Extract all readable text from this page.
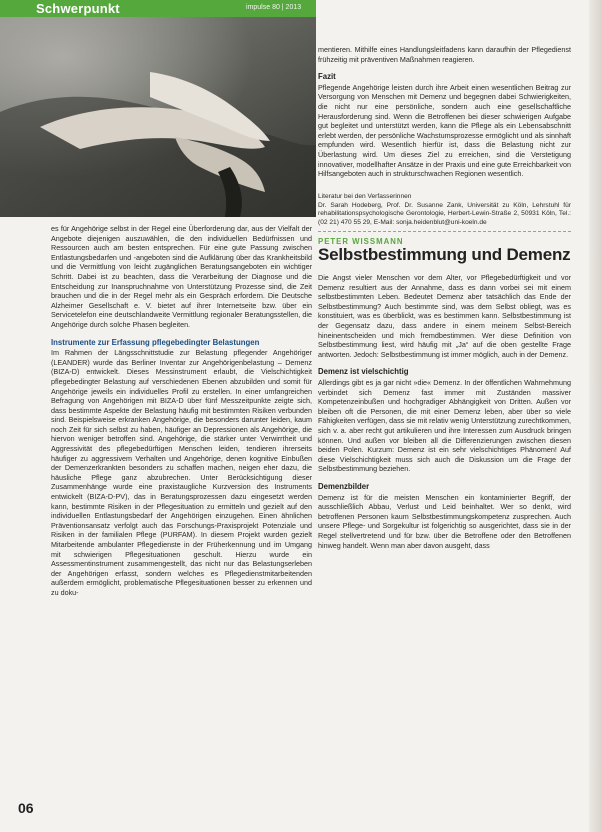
Schwerpunkt	impulse 80 | 2013

es für Angehörige selbst in der Regel eine Überforderung dar, aus der Vielfalt der Angebote diejenigen auszuwählen, die den individuellen Bedürfnissen und Ressourcen auch am besten entsprechen. Für eine gute Passung zwischen Entlastungsbedarfen und -angeboten sind die Aufklärung über das Krankheitsbild und die Vermittlung von leicht zugänglichen Beratungsangeboten ein wichtiger Schritt. Dabei ist zu beachten, dass die Verarbeitung der Diagnose und die Entscheidung zur Inanspruchnahme von Unterstützung Prozesse sind, die Zeit brauchen und die in der Regel mehr als ein Gespräch erfordern. Die Deutsche Alzheimer Gesellschaft e. V. bietet auf ihrer Internetseite bzw. über ein Servicetelefon eine deutschlandweite Vermittlung regionaler Beratungsstellen, die Angehörige durch solche Phasen begleiten.

Instrumente zur Erfassung pflegebedingter Belastungen

Im Rahmen der Längsschnittstudie zur Belastung pflegender Angehöriger (LEANDER) wurde das Berliner Inventar zur Angehörigenbelastung – Demenz (BIZA-D) entwickelt. Dieses Messinstrument erlaubt, die Vielschichtigkeit pflegebedingter Belastung auf verschiedenen Ebenen abzubilden und somit für Angehörige jeweils ein individuelles Profil zu erstellen. In einer umfangreichen Befragung von Angehörigen mit BIZA-D über fünf Messzeitpunkte zeigte sich, dass bestimmte Aspekte der Belastung häufig mit bestimmten Risiken verbunden sind. Beispielsweise erkranken Angehörige, die besonders darunter leiden, kaum noch Zeit für sich selbst zu haben, häufiger an Depressionen als Angehörige, die hiervon weniger betroffen sind. Angehörige, die stärker unter Verwirrtheit und Aggressivität des pflegebedürftigen Menschen leiden, tendieren ihrerseits häufiger zu aggressivem Verhalten und Angehörige, denen kognitive Einbußen der Demenzerkrankten besonders zu schaffen machen, neigen eher dazu, die häusliche Pflege ganz abzubrechen. Unter Berücksichtigung dieser Zusammenhänge wurde eine praxistaugliche Kurzversion des Instruments entwickelt (BIZA-D-PV), das in Beratungsprozessen dazu eingesetzt werden kann, bestimmte Risiken in der Pflegesituation zu ermitteln und gezielt auf den individuellen Entlastungsbedarf der Angehörigen einzugehen. Einen ähnlichen Präventionsansatz verfolgt auch das Forschungs-Praxisprojekt Potenziale und Risiken in der familialen Pflege (PURFAM). In diesem Projekt wurden gezielt Mitarbeitende ambulanter Pflegedienste in der Früherkennung und im Umgang mit schwierigen Pflegesituationen geschult. Hierzu wurde ein Assessmentinstrument zusammengestellt, das nicht nur das Belastungserleben der Angehörigen erfasst, sondern welches es Pflegedienstmitarbeitenden außerdem ermöglicht, problematische Pflegesituationen besser zu erkennen und zu doku-

mentieren. Mithilfe eines Handlungsleitfadens kann daraufhin der Pflegedienst frühzeitig mit präventiven Maßnahmen reagieren.

Fazit

Pflegende Angehörige leisten durch ihre Arbeit einen wesentlichen Beitrag zur Versorgung von Menschen mit Demenz und begegnen dabei Schwierigkeiten, die nicht nur eine persönliche, sondern auch eine gesellschaftliche Herausforderung sind. Wenn die Betroffenen bei dieser schwierigen Aufgabe gut begleitet und unterstützt werden, kann die Pflege als ein Lebensabschnitt erlebt werden, der persönliche Wachstumsprozesse ermöglicht und als sinnhaft empfunden wird. Wesentlich hierfür ist, dass die Belastung nicht zur Überlastung wird. Um dieses Ziel zu erreichen, sind die Verstetigung innovativer, modellhafter Ansätze in der Praxis und eine gute Erreichbarkeit von Hilfsangeboten auch in strukturschwachen Regionen wesentlich.

Literatur bei den Verfasserinnen
Dr. Sarah Hodeberg, Prof. Dr. Susanne Zank, Universität zu Köln, Lehrstuhl für rehabilitationspsychologische Gerontologie, Herbert-Lewin-Straße 2, 50931 Köln, Tel.: (02 21) 470 55 29, E-Mail: sonja.heidenblut@uni-koeln.de
PETER WISSMANN
Selbstbestimmung und Demenz

Die Angst vieler Menschen vor dem Alter, vor Pflegebedürftigkeit und vor Demenz resultiert aus der Annahme, dass es dann vorbei sei mit einem selbstbestimmten Leben. Bedeutet Demenz aber tatsächlich das Ende der Selbstbestimmung? Auch bestimmte sind, was dem Selbst obliegt, was es konstituiert, was es überblickt, was es bestimmen kann. Selbstbestimmung ist der Gegensatz dazu, dass andere in einem meinem Selbst-Bereich hineinentscheiden und mich fremdbestimmen. Wer diese Definition von Selbstbestimmung liest, wird häufig mit „Ja“ auf die oben gestellte Frage antworten. Jedoch: Selbstbestimmung ist immer möglich, auch in der Demenz.

Demenz ist vielschichtig

Allerdings gibt es ja gar nicht »die« Demenz. In der öffentlichen Wahrnehmung verbindet sich Demenz fast immer mit Zuständen massiver Kompetenzeinbußen und hochgradiger Abhängigkeit von Dritten. Außen vor bleiben oft die Personen, die mit einer Demenz leben, aber über so viele Fähigkeiten verfügen, dass sie mit relativ wenig Unterstützung zurechtkommen, sich v. a. aber recht gut artikulieren und ihre Interessen zum Ausdruck bringen können. Und außen vor bleiben all die Differenzierungen zwischen diesen beiden Polen. Kurzum: Demenz ist ein sehr vielschichtiges Phänomen! Auf diese Vielschichtigkeit muss sich auch die Diskussion um die Frage der Selbstbestimmung beziehen.

Demenzbilder

Demenz ist für die meisten Menschen ein kontaminierter Begriff, der ausschließlich Abbau, Verlust und Leid beinhaltet. Wer so denkt, wird betroffenen Personen kaum Selbstbestimmungskompetenz zusprechen. Auch unsere Pflege- und Sorgekultur ist folgerichtig so ausgerichtet, dass sie in der Regel stellvertretend und für bzw. über die Betroffene oder den Betroffenen hinweg handelt. Wenn man aber davon ausgeht, dass

06
